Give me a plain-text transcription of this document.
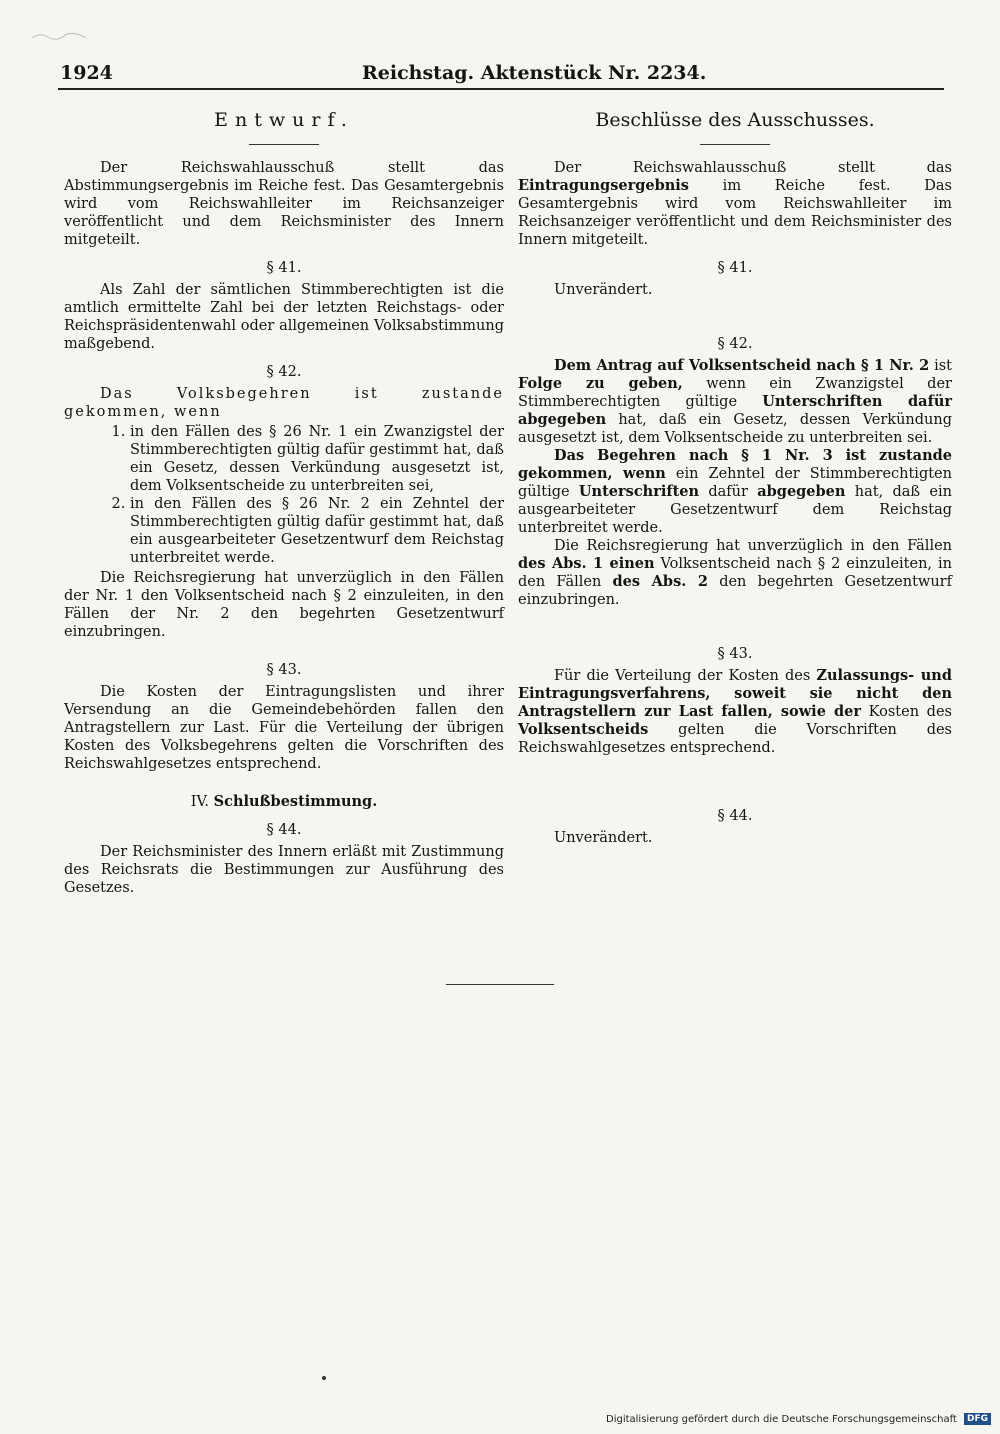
1924	Reichstag. Aktenstück Nr. 2234.
Entwurf.

Der Reichswahlausschuß stellt das Abstimmungsergebnis im Reiche fest. Das Gesamtergebnis wird vom Reichswahlleiter im Reichsanzeiger veröffentlicht und dem Reichsminister des Innern mitgeteilt.

§ 41.

Als Zahl der sämtlichen Stimmberechtigten ist die amtlich ermittelte Zahl bei der letzten Reichstags- oder Reichspräsidentenwahl oder allgemeinen Volksabstimmung maßgebend.

§ 42.

Das Volksbegehren ist zustande gekommen, wenn

1. in den Fällen des § 26 Nr. 1 ein Zwanzigstel der Stimmberechtigten gültig dafür gestimmt hat, daß ein Gesetz, dessen Verkündung ausgesetzt ist, dem Volksentscheide zu unterbreiten sei,
2. in den Fällen des § 26 Nr. 2 ein Zehntel der Stimmberechtigten gültig dafür gestimmt hat, daß ein ausgearbeiteter Gesetzentwurf dem Reichstag unterbreitet werde.

Die Reichsregierung hat unverzüglich in den Fällen der Nr. 1 den Volksentscheid nach § 2 einzuleiten, in den Fällen der Nr. 2 den begehrten Gesetzentwurf einzubringen.

§ 43.

Die Kosten der Eintragungslisten und ihrer Versendung an die Gemeindebehörden fallen den Antragstellern zur Last. Für die Verteilung der übrigen Kosten des Volksbegehrens gelten die Vorschriften des Reichswahlgesetzes entsprechend.

IV. Schlußbestimmung.
§ 44.

Der Reichsminister des Innern erläßt mit Zustimmung des Reichsrats die Bestimmungen zur Ausführung des Gesetzes.

Beschlüsse des Ausschusses.

Der Reichswahlausschuß stellt das Eintragungsergebnis im Reiche fest. Das Gesamtergebnis wird vom Reichswahlleiter im Reichsanzeiger veröffentlicht und dem Reichsminister des Innern mitgeteilt.

§ 41.

Unverändert.

§ 42.

Dem Antrag auf Volksentscheid nach § 1 Nr. 2 ist Folge zu geben, wenn ein Zwanzigstel der Stimmberechtigten gültige Unterschriften dafür abgegeben hat, daß ein Gesetz, dessen Verkündung ausgesetzt ist, dem Volksentscheide zu unterbreiten sei.

Das Begehren nach § 1 Nr. 3 ist zustande gekommen, wenn ein Zehntel der Stimmberechtigten gültige Unterschriften dafür abgegeben hat, daß ein ausgearbeiteter Gesetzentwurf dem Reichstag unterbreitet werde.

Die Reichsregierung hat unverzüglich in den Fällen des Abs. 1 einen Volksentscheid nach § 2 einzuleiten, in den Fällen des Abs. 2 den begehrten Gesetzentwurf einzubringen.

§ 43.

Für die Verteilung der Kosten des Zulassungs- und Eintragungsverfahrens, soweit sie nicht den Antragstellern zur Last fallen, sowie der Kosten des Volksentscheids gelten die Vorschriften des Reichswahlgesetzes entsprechend.

§ 44.

Unverändert.

Digitalisierung gefördert durch die Deutsche Forschungsgemeinschaft DFG
